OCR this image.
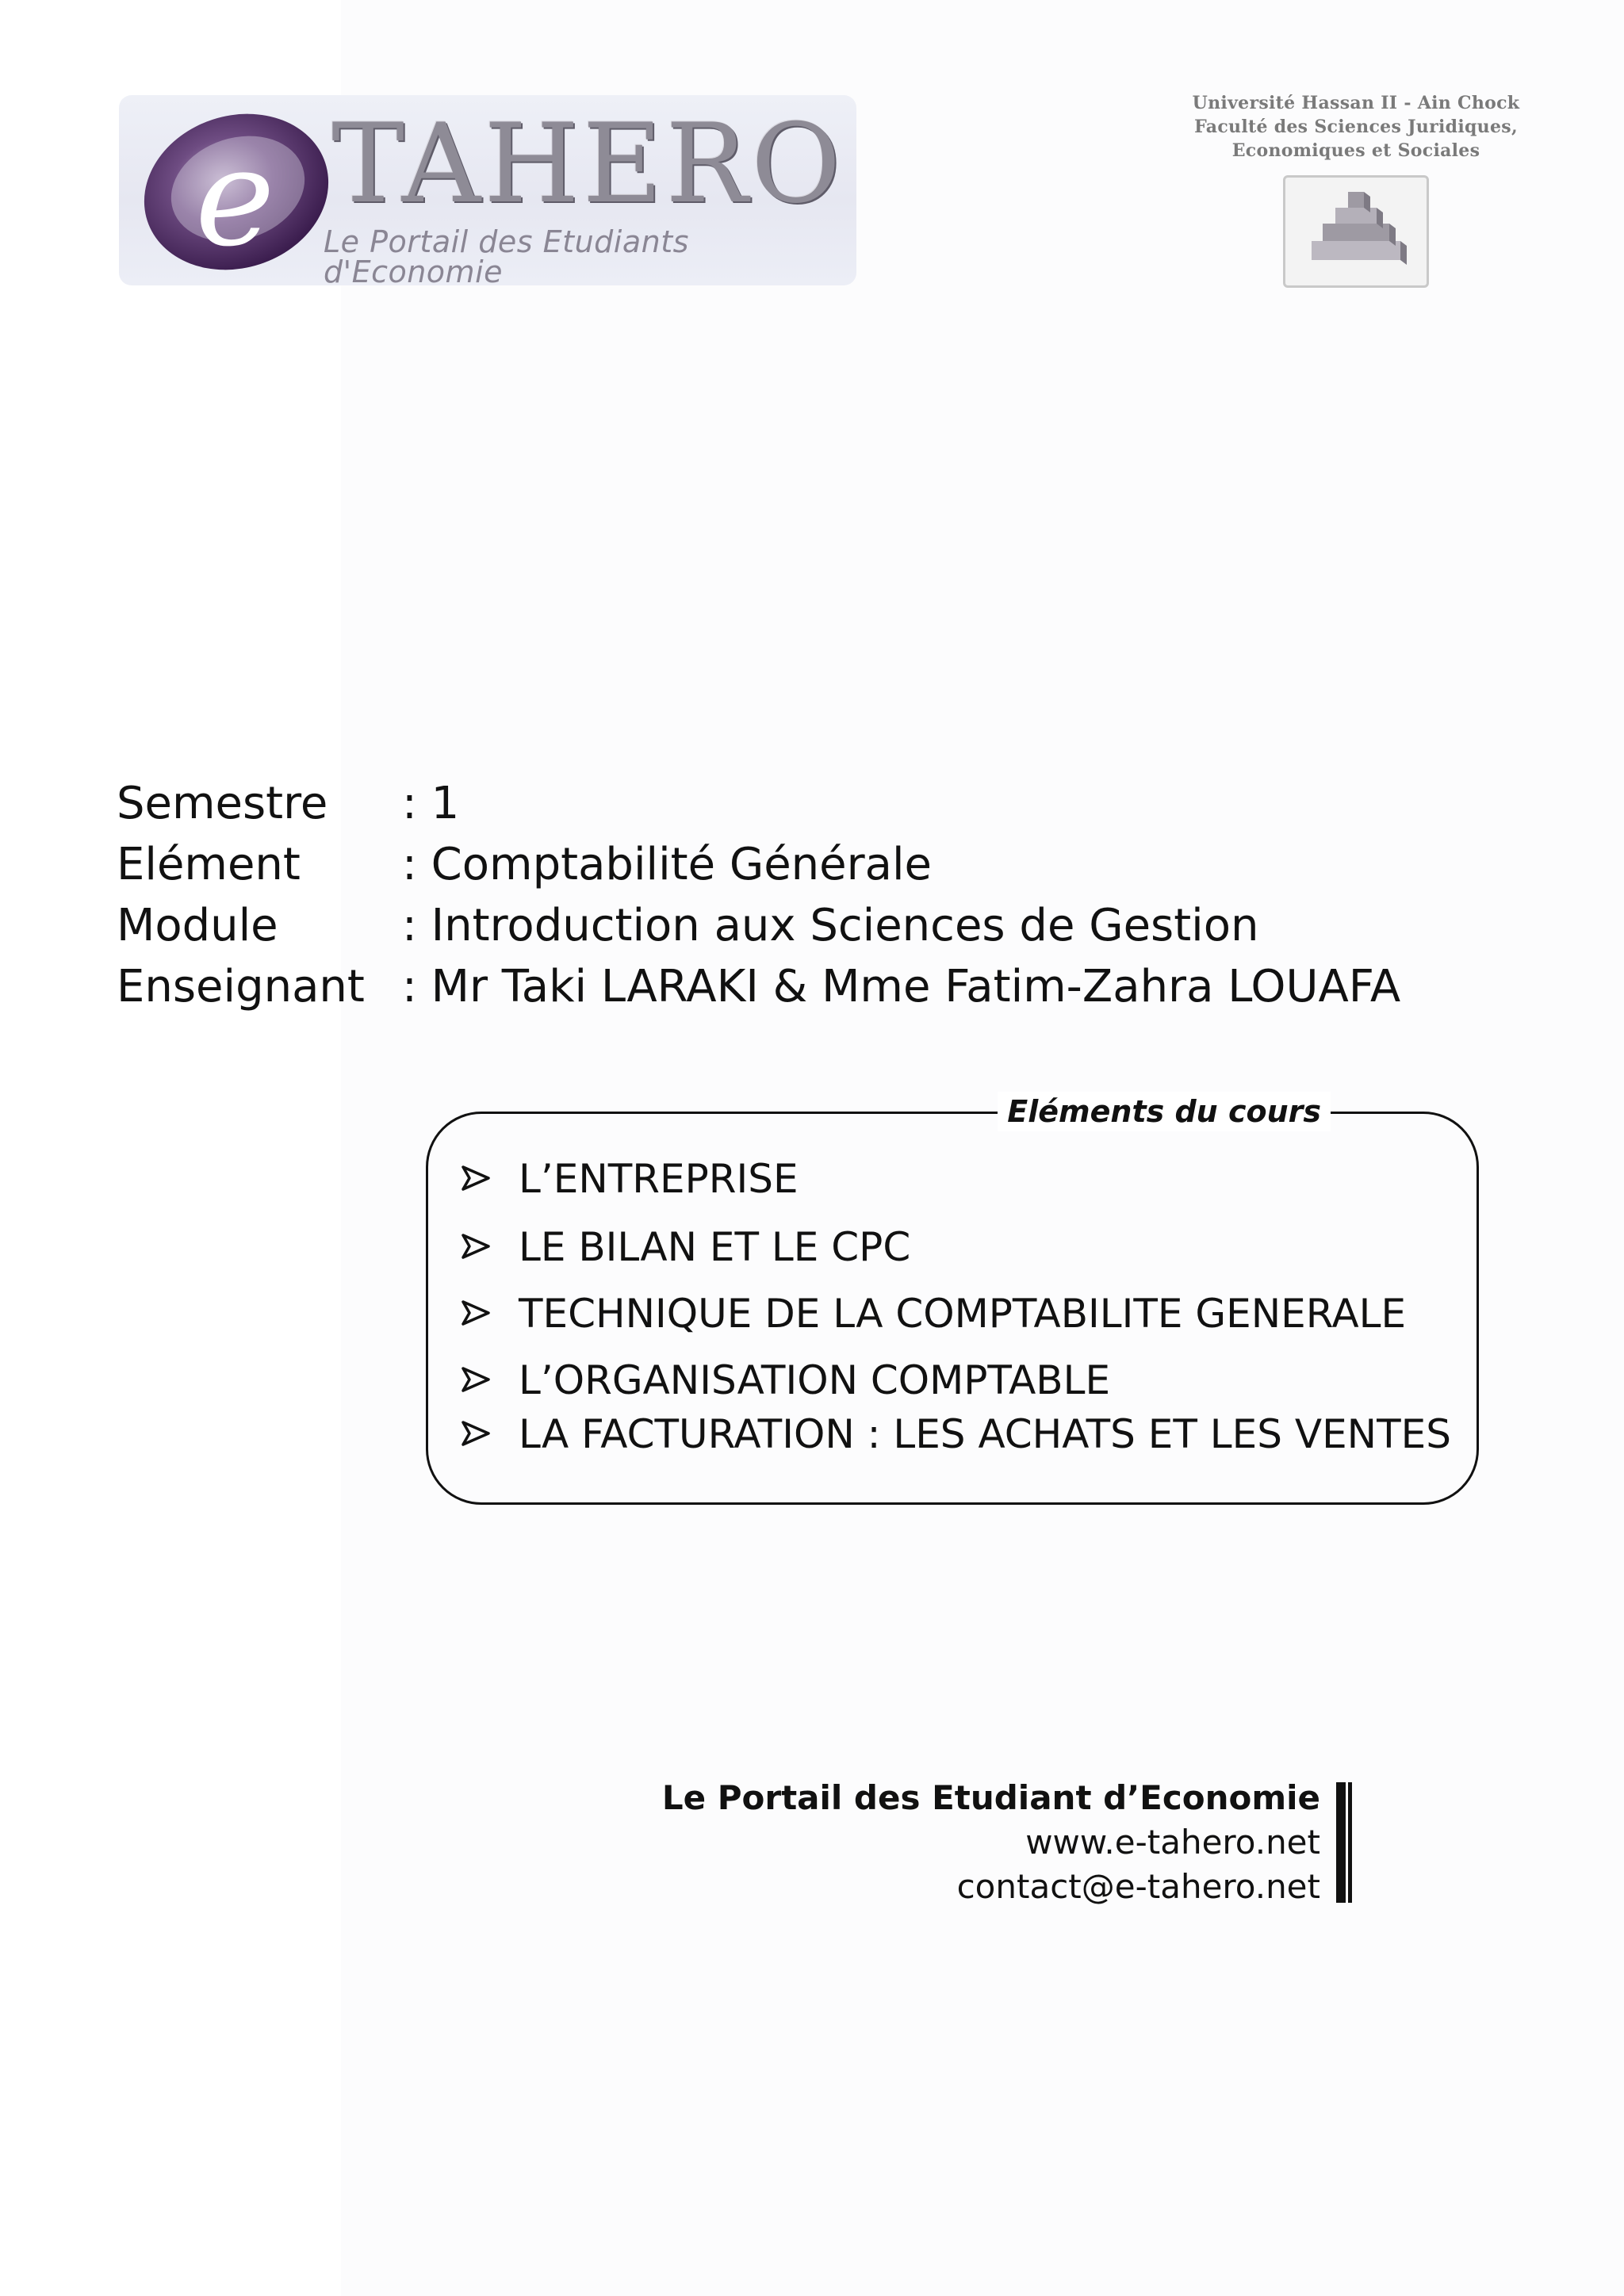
e TAHERO
Le Portail des Etudiants d'Economie
Université Hassan II - Ain Chock
Faculté des Sciences Juridiques,
Economiques et Sociales
Semestre	: 1
Elément	: Comptabilité Générale
Module	: Introduction aux Sciences de Gestion
Enseignant : Mr Taki LARAKI & Mme Fatim-Zahra LOUAFA
Eléments du cours
L’ENTREPRISE
LE BILAN ET LE CPC
TECHNIQUE DE LA COMPTABILITE GENERALE
L’ORGANISATION COMPTABLE
LA FACTURATION : LES ACHATS ET LES VENTES
Le Portail des Etudiant d’Economie
www.e-tahero.net
contact@e-tahero.net
